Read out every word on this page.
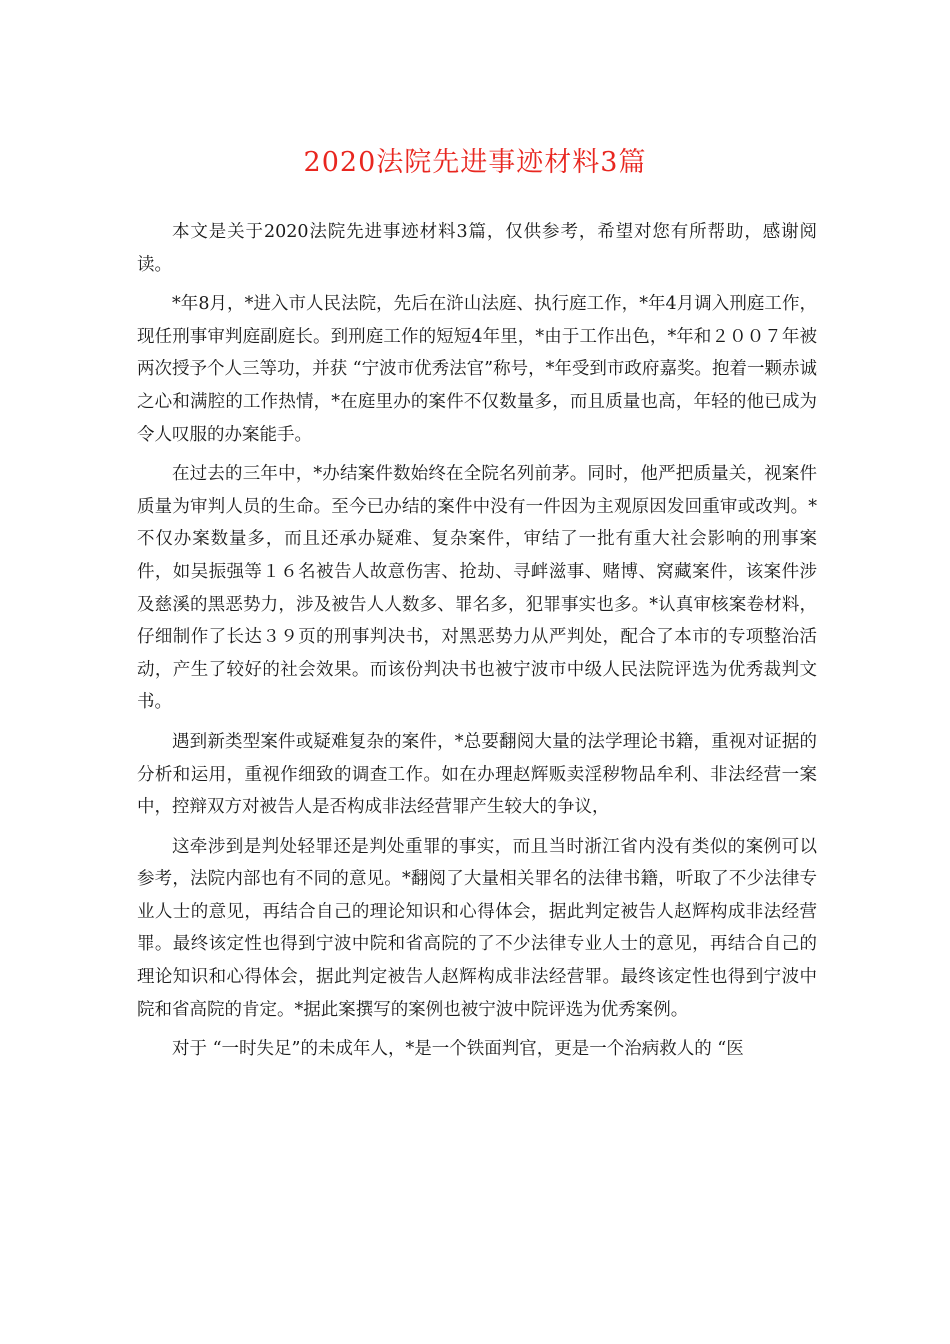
2020法院先进事迹材料3篇

本文是关于2020法院先进事迹材料3篇，仅供参考，希望对您有所帮助，感谢阅读。

*年8月，*进入市人民法院，先后在浒山法庭、执行庭工作，*年4月调入刑庭工作，现任刑事审判庭副庭长。到刑庭工作的短短4年里，*由于工作出色，*年和２００７年被两次授予个人三等功，并获 “宁波市优秀法官”称号，*年受到市政府嘉奖。抱着一颗赤诚之心和满腔的工作热情，*在庭里办的案件不仅数量多，而且质量也高，年轻的他已成为令人叹服的办案能手。

在过去的三年中，*办结案件数始终在全院名列前茅。同时，他严把质量关，视案件质量为审判人员的生命。至今已办结的案件中没有一件因为主观原因发回重审或改判。*不仅办案数量多，而且还承办疑难、复杂案件，审结了一批有重大社会影响的刑事案件，如吴振强等１６名被告人故意伤害、抢劫、寻衅滋事、赌博、窝藏案件，该案件涉及慈溪的黑恶势力，涉及被告人人数多、罪名多，犯罪事实也多。*认真审核案卷材料，仔细制作了长达３９页的刑事判决书，对黑恶势力从严判处，配合了本市的专项整治活动，产生了较好的社会效果。而该份判决书也被宁波市中级人民法院评选为优秀裁判文书。

遇到新类型案件或疑难复杂的案件，*总要翻阅大量的法学理论书籍，重视对证据的分析和运用，重视作细致的调查工作。如在办理赵辉贩卖淫秽物品牟利、非法经营一案中，控辩双方对被告人是否构成非法经营罪产生较大的争议，

这牵涉到是判处轻罪还是判处重罪的事实，而且当时浙江省内没有类似的案例可以参考，法院内部也有不同的意见。*翻阅了大量相关罪名的法律书籍，听取了不少法律专业人士的意见，再结合自己的理论知识和心得体会，据此判定被告人赵辉构成非法经营罪。最终该定性也得到宁波中院和省高院的了不少法律专业人士的意见，再结合自己的理论知识和心得体会，据此判定被告人赵辉构成非法经营罪。最终该定性也得到宁波中院和省高院的肯定。*据此案撰写的案例也被宁波中院评选为优秀案例。

对于 “一时失足”的未成年人，*是一个铁面判官，更是一个治病救人的 “医
